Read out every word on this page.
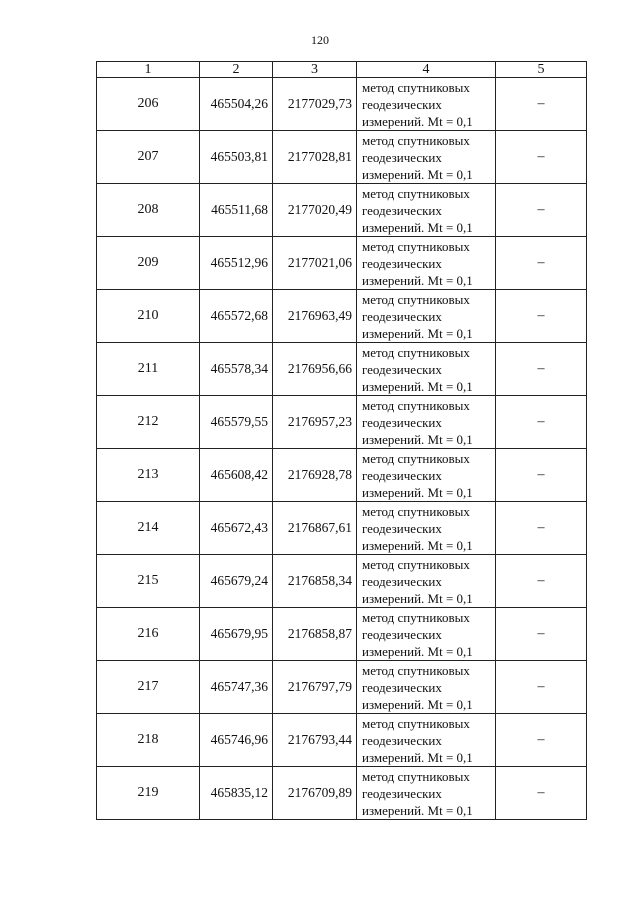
120
1	2	3	4	5
206	465504,26	2177029,73	метод спутниковых
геодезических
измерений. Mt = 0,1	–
207	465503,81	2177028,81	метод спутниковых
геодезических
измерений. Mt = 0,1	–
208	465511,68	2177020,49	метод спутниковых
геодезических
измерений. Mt = 0,1	–
209	465512,96	2177021,06	метод спутниковых
геодезических
измерений. Mt = 0,1	–
210	465572,68	2176963,49	метод спутниковых
геодезических
измерений. Mt = 0,1	–
211	465578,34	2176956,66	метод спутниковых
геодезических
измерений. Mt = 0,1	–
212	465579,55	2176957,23	метод спутниковых
геодезических
измерений. Mt = 0,1	–
213	465608,42	2176928,78	метод спутниковых
геодезических
измерений. Mt = 0,1	–
214	465672,43	2176867,61	метод спутниковых
геодезических
измерений. Mt = 0,1	–
215	465679,24	2176858,34	метод спутниковых
геодезических
измерений. Mt = 0,1	–
216	465679,95	2176858,87	метод спутниковых
геодезических
измерений. Mt = 0,1	–
217	465747,36	2176797,79	метод спутниковых
геодезических
измерений. Mt = 0,1	–
218	465746,96	2176793,44	метод спутниковых
геодезических
измерений. Mt = 0,1	–
219	465835,12	2176709,89	метод спутниковых
геодезических
измерений. Mt = 0,1	–
